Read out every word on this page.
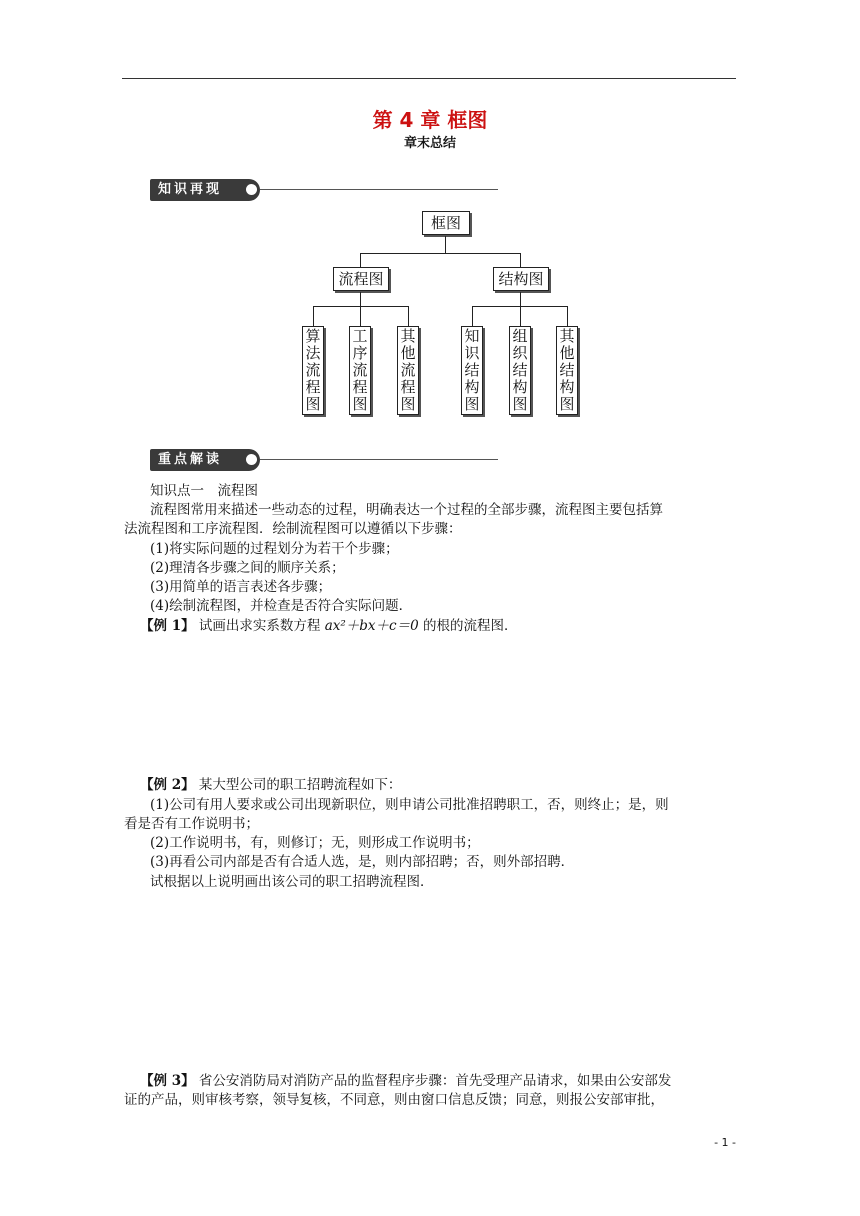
第 4 章 框图
章末总结
知识再现
框图
流程图	结构图
算
法
流
程
图
工
序
流
程
图
其
他
流
程
图
知
识
结
构
图
组
织
结
构
图
其
他
结
构
图
重点解读
知识点一　流程图
流程图常用来描述一些动态的过程，明确表达一个过程的全部步骤，流程图主要包括算
法流程图和工序流程图．绘制流程图可以遵循以下步骤：
(1)将实际问题的过程划分为若干个步骤；
(2)理清各步骤之间的顺序关系；
(3)用简单的语言表述各步骤；
(4)绘制流程图，并检查是否符合实际问题．
【例 1】 试画出求实系数方程 ax²＋bx＋c＝0 的根的流程图．
【例 2】 某大型公司的职工招聘流程如下：
(1)公司有用人要求或公司出现新职位，则申请公司批准招聘职工，否，则终止；是，则
看是否有工作说明书；
(2)工作说明书，有，则修订；无，则形成工作说明书；
(3)再看公司内部是否有合适人选，是，则内部招聘；否，则外部招聘．
试根据以上说明画出该公司的职工招聘流程图．
【例 3】 省公安消防局对消防产品的监督程序步骤：首先受理产品请求，如果由公安部发
证的产品，则审核考察，领导复核，不同意，则由窗口信息反馈；同意，则报公安部审批，
- 1 -
